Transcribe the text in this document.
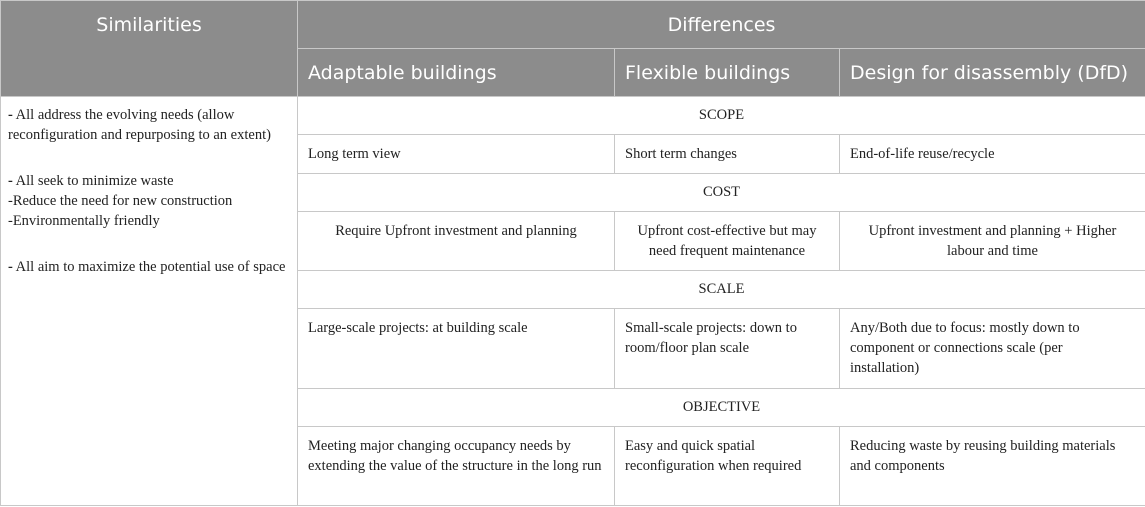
Similarities	Differences		
	Adaptable buildings	Flexible buildings	Design for disassembly (DfD)

- All address the evolving needs (allow reconfiguration and repurposing to an extent)

- All seek to minimize waste

-Reduce the need for new construction

-Environmentally friendly

- All aim to maximize the potential use of space	SCOPE		
	Long term view	Short term changes	End-of-life reuse/recycle
	COST		
	Require Upfront investment and planning	Upfront cost-effective but may need frequent maintenance	Upfront investment and planning + Higher labour and time
	SCALE		
	Large-scale projects: at building scale	Small-scale projects: down to room/floor plan scale	Any/Both due to focus: mostly down to component or connections scale (per installation)
	OBJECTIVE		
	Meeting major changing occupancy needs by extending the value of the structure in the long run	Easy and quick spatial reconfiguration when required	Reducing waste by reusing building materials and components
